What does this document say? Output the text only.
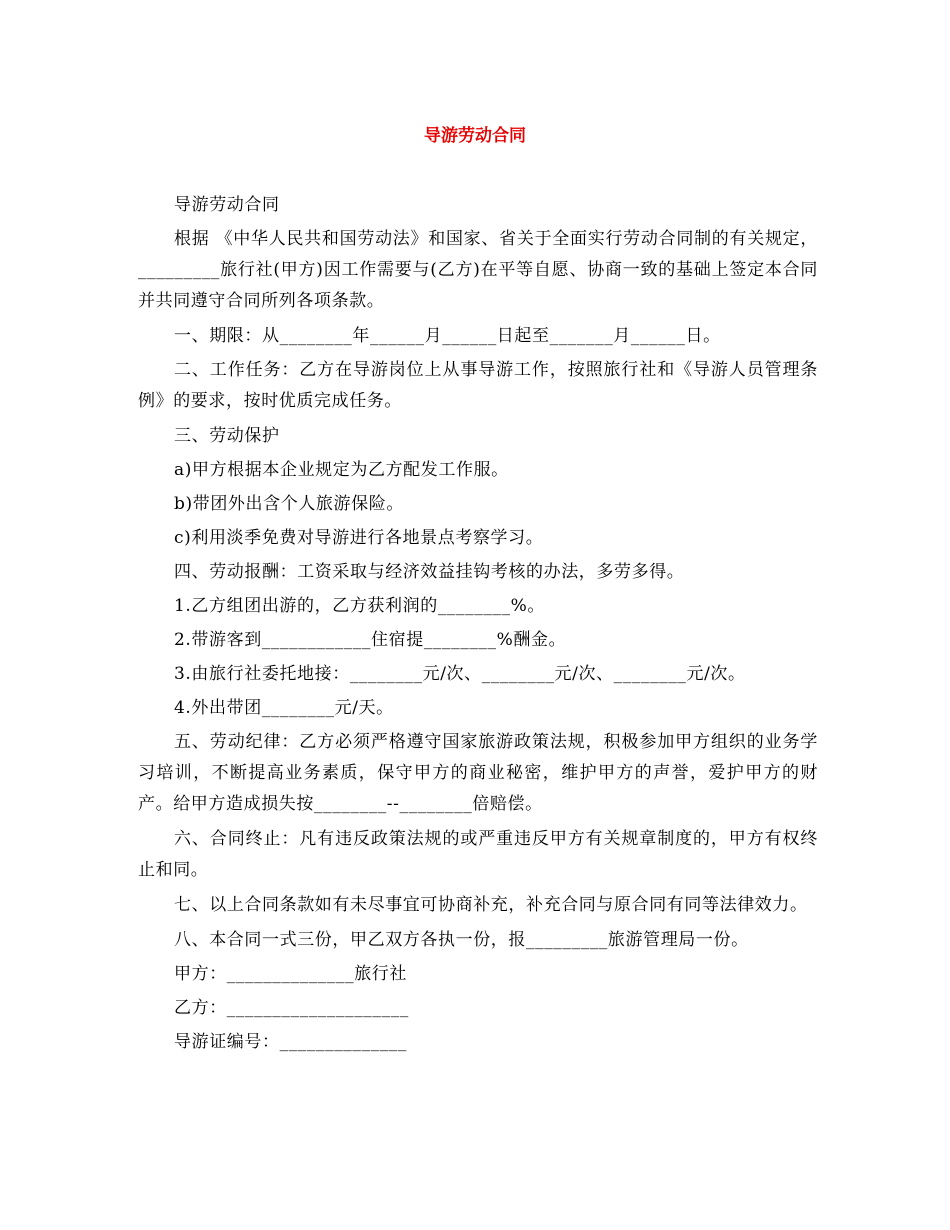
导游劳动合同

导游劳动合同

根据 《中华人民共和国劳动法》和国家、省关于全面实行劳动合同制的有关规定，_________旅行社(甲方)因工作需要与(乙方)在平等自愿、协商一致的基础上签定本合同并共同遵守合同所列各项条款。

一、期限：从________年______月______日起至_______月______日。

二、工作任务：乙方在导游岗位上从事导游工作，按照旅行社和《导游人员管理条例》的要求，按时优质完成任务。

三、劳动保护

a)甲方根据本企业规定为乙方配发工作服。

b)带团外出含个人旅游保险。

c)利用淡季免费对导游进行各地景点考察学习。

四、劳动报酬：工资采取与经济效益挂钩考核的办法，多劳多得。

1.乙方组团出游的，乙方获利润的________%。

2.带游客到____________住宿提________%酬金。

3.由旅行社委托地接：________元/次、________元/次、________元/次。

4.外出带团________元/天。

五、劳动纪律：乙方必须严格遵守国家旅游政策法规，积极参加甲方组织的业务学习培训，不断提高业务素质，保守甲方的商业秘密，维护甲方的声誉，爱护甲方的财产。给甲方造成损失按________--________倍赔偿。

六、合同终止：凡有违反政策法规的或严重违反甲方有关规章制度的，甲方有权终止和同。

七、以上合同条款如有未尽事宜可协商补充，补充合同与原合同有同等法律效力。

八、本合同一式三份，甲乙双方各执一份，报_________旅游管理局一份。

甲方：______________旅行社

乙方：____________________

导游证编号：______________
